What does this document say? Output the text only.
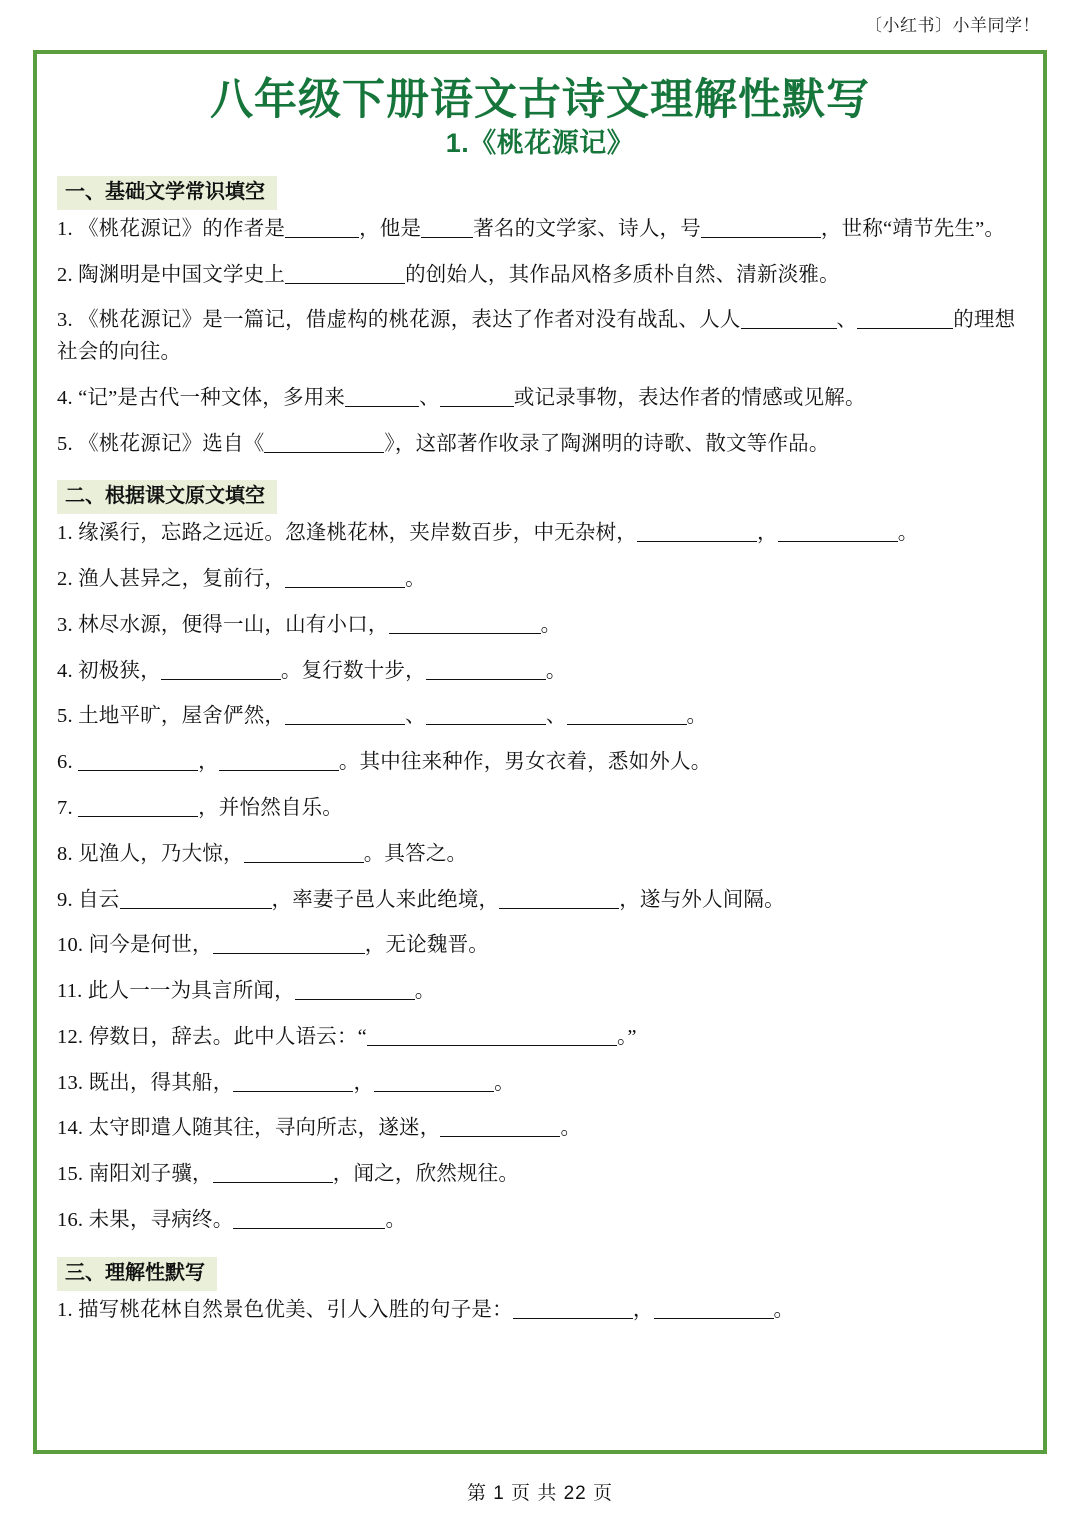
〔小红书〕小羊同学！
八年级下册语文古诗文理解性默写
1.《桃花源记》
一、基础文学常识填空
1. 《桃花源记》的作者是	，他是	著名的文学家、诗人，号	，世称“靖节先生”。
2. 陶渊明是中国文学史上	的创始人，其作品风格多质朴自然、清新淡雅。
3. 《桃花源记》是一篇记，借虚构的桃花源，表达了作者对没有战乱、人人	、	的理想社会的向往。
4. “记”是古代一种文体，多用来	、	或记录事物，表达作者的情感或见解。
5. 《桃花源记》选自《	》，这部著作收录了陶渊明的诗歌、散文等作品。
二、根据课文原文填空
1. 缘溪行，忘路之远近。忽逢桃花林，夹岸数百步，中无杂树，	，	。
2. 渔人甚异之，复前行，	。
3. 林尽水源，便得一山，山有小口，	。
4. 初极狭，	。复行数十步，	。
5. 土地平旷，屋舍俨然，	、	、	。
6.	，	。其中往来种作，男女衣着，悉如外人。
7.	，并怡然自乐。
8. 见渔人，乃大惊，	。具答之。
9. 自云	，率妻子邑人来此绝境，	，遂与外人间隔。
10. 问今是何世，	，无论魏晋。
11. 此人一一为具言所闻，	。
12. 停数日，辞去。此中人语云：“	。”
13. 既出，得其船，	，	。
14. 太守即遣人随其往，寻向所志，遂迷，	。
15. 南阳刘子骥，	，闻之，欣然规往。
16. 未果，寻病终。	。
三、理解性默写
1. 描写桃花林自然景色优美、引人入胜的句子是：	，	。
第 1 页 共 22 页
